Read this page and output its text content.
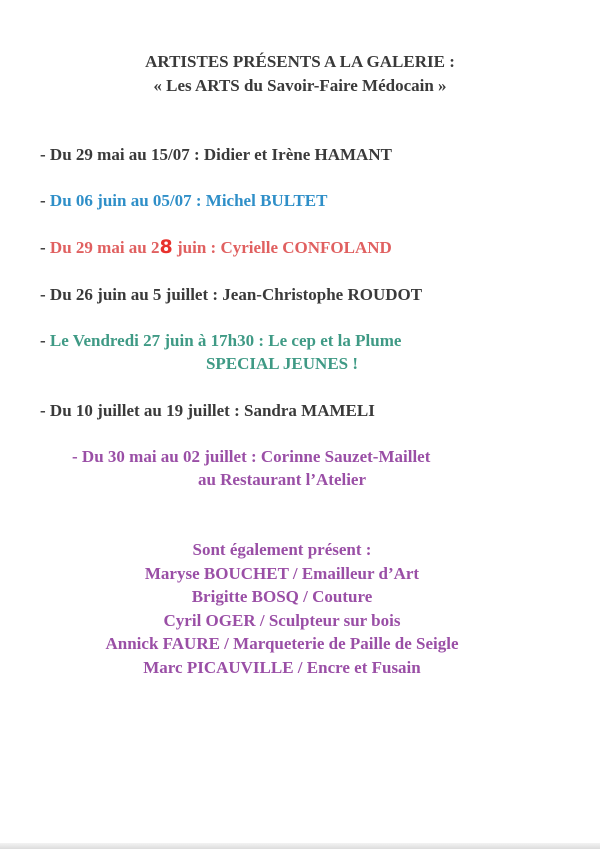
ARTISTES PRÉSENTS A LA GALERIE :
« Les ARTS du Savoir-Faire Médocain »
- Du 29 mai au 15/07 : Didier et Irène HAMANT
- Du 06 juin au 05/07 : Michel BULTET
- Du 29 mai au 28 juin : Cyrielle CONFOLAND
- Du 26 juin au 5 juillet : Jean-Christophe ROUDOT
- Le Vendredi 27 juin à 17h30 : Le cep et la Plume
SPECIAL JEUNES !
- Du 10 juillet au 19 juillet : Sandra MAMELI
- Du 30 mai au 02 juillet : Corinne Sauzet-Maillet
au Restaurant l’Atelier
Sont également présent :
Maryse BOUCHET / Emailleur d’Art
Brigitte BOSQ / Couture
Cyril OGER / Sculpteur sur bois
Annick FAURE / Marqueterie de Paille de Seigle
Marc PICAUVILLE / Encre et Fusain
